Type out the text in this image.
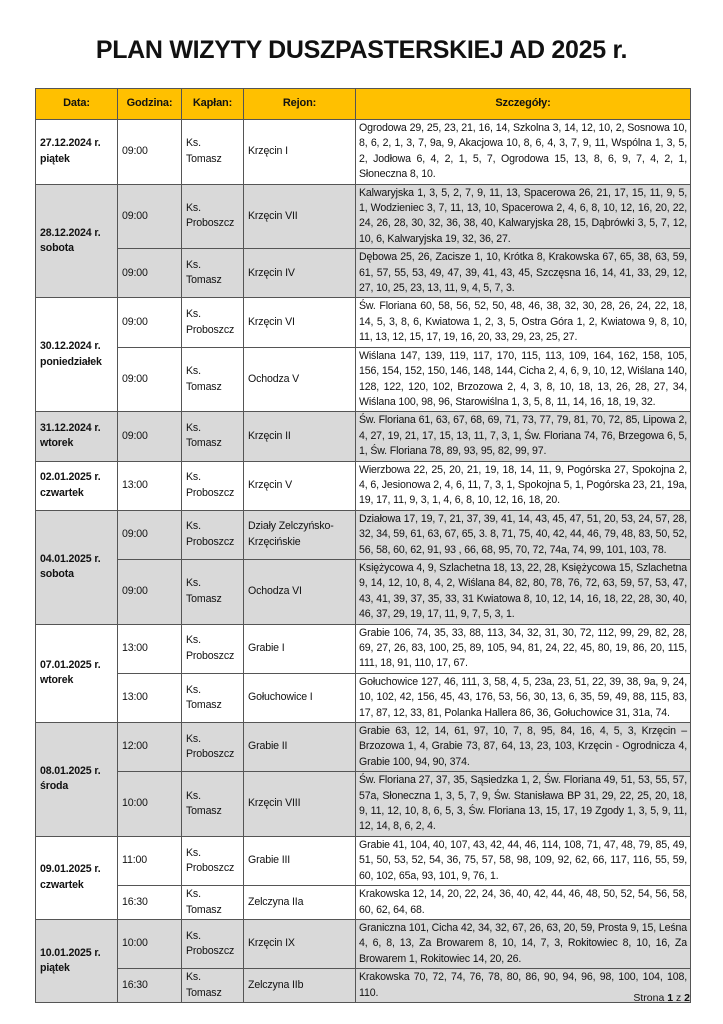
PLAN WIZYTY DUSZPASTERSKIEJ AD 2025 r.
Data:	Godzina:	Kapłan:	Rejon:	Szczegóły:

27.12.2024 r.
piątek	09:00	Ks. Tomasz	Krzęcin I	Ogrodowa 29, 25, 23, 21, 16, 14, Szkolna 3, 14, 12, 10, 2, Sosnowa 10, 8, 6, 2, 1, 3, 7, 9a, 9, Akacjowa 10, 8, 6, 4, 3, 7, 9, 11, Wspólna 1, 3, 5, 2, Jodłowa 6, 4, 2, 1, 5, 7, Ogrodowa 15, 13, 8, 6, 9, 7, 4, 2, 1, Słoneczna 8, 10.

28.12.2024 r.
sobota	09:00	Ks. Proboszcz	Krzęcin VII	Kalwaryjska 1, 3, 5, 2, 7, 9, 11, 13, Spacerowa 26, 21, 17, 15, 11, 9, 5, 1, Wodzieniec 3, 7, 11, 13, 10, Spacerowa 2, 4, 6, 8, 10, 12, 16, 20, 22, 24, 26, 28, 30, 32, 36, 38, 40, Kalwaryjska 28, 15, Dąbrówki 3, 5, 7, 12, 10, 6, Kalwaryjska 19, 32, 36, 27.
	09:00	Ks. Tomasz	Krzęcin IV	Dębowa 25, 26, Zacisze 1, 10, Krótka 8, Krakowska 67, 65, 38, 63, 59, 61, 57, 55, 53, 49, 47, 39, 41, 43, 45, Szczęsna 16, 14, 41, 33, 29, 12, 27, 10, 25, 23, 13, 11, 9, 4, 5, 7, 3.

30.12.2024 r.
poniedziałek	09:00	Ks. Proboszcz	Krzęcin VI	Św. Floriana 60, 58, 56, 52, 50, 48, 46, 38, 32, 30, 28, 26, 24, 22, 18, 14, 5, 3, 8, 6, Kwiatowa 1, 2, 3, 5, Ostra Góra 1, 2, Kwiatowa 9, 8, 10, 11, 13, 12, 15, 17, 19, 16, 20, 33, 29, 23, 25, 27.
	09:00	Ks. Tomasz	Ochodza V	Wiślana 147, 139, 119, 117, 170, 115, 113, 109, 164, 162, 158, 105, 156, 154, 152, 150, 146, 148, 144, Cicha 2, 4, 6, 9, 10, 12, Wiślana 140, 128, 122, 120, 102, Brzozowa 2, 4, 3, 8, 10, 18, 13, 26, 28, 27, 34, Wiślana 100, 98, 96, Starowiślna 1, 3, 5, 8, 11, 14, 16, 18, 19, 32.

31.12.2024 r.
wtorek	09:00	Ks. Tomasz	Krzęcin II	Św. Floriana 61, 63, 67, 68, 69, 71, 73, 77, 79, 81, 70, 72, 85, Lipowa 2, 4, 27, 19, 21, 17, 15, 13, 11, 7, 3, 1, Św. Floriana 74, 76, Brzegowa 6, 5, 1, Św. Floriana 78, 89, 93, 95, 82, 99, 97.

02.01.2025 r.
czwartek	13:00	Ks. Proboszcz	Krzęcin V	Wierzbowa 22, 25, 20, 21, 19, 18, 14, 11, 9, Pogórska 27, Spokojna 2, 4, 6, Jesionowa 2, 4, 6, 11, 7, 3, 1, Spokojna 5, 1, Pogórska 23, 21, 19a, 19, 17, 11, 9, 3, 1, 4, 6, 8, 10, 12, 16, 18, 20.

04.01.2025 r.
sobota	09:00	Ks. Proboszcz	Działy Zelczyńsko-Krzęcińskie	Działowa 17, 19, 7, 21, 37, 39, 41, 14, 43, 45, 47, 51, 20, 53, 24, 57, 28, 32, 34, 59, 61, 63, 67, 65, 3. 8, 71, 75, 40, 42, 44, 46, 79, 48, 83, 50, 52, 56, 58, 60, 62, 91, 93 , 66, 68, 95, 70, 72, 74a, 74, 99, 101, 103, 78.
	09:00	Ks. Tomasz	Ochodza VI	Księżycowa 4, 9, Szlachetna 18, 13, 22, 28, Księżycowa 15, Szlachetna 9, 14, 12, 10, 8, 4, 2, Wiślana 84, 82, 80, 78, 76, 72, 63, 59, 57, 53, 47, 43, 41, 39, 37, 35, 33, 31 Kwiatowa 8, 10, 12, 14, 16, 18, 22, 28, 30, 40, 46, 37, 29, 19, 17, 11, 9, 7, 5, 3, 1.

07.01.2025 r.
wtorek	13:00	Ks. Proboszcz	Grabie I	Grabie 106, 74, 35, 33, 88, 113, 34, 32, 31, 30, 72, 112, 99, 29, 82, 28, 69, 27, 26, 83, 100, 25, 89, 105, 94, 81, 24, 22, 45, 80, 19, 86, 20, 115, 111, 18, 91, 110, 17, 67.
	13:00	Ks. Tomasz	Gołuchowice I	Gołuchowice 127, 46, 111, 3, 58, 4, 5, 23a, 23, 51, 22, 39, 38, 9a, 9, 24, 10, 102, 42, 156, 45, 43, 176, 53, 56, 30, 13, 6, 35, 59, 49, 88, 115, 83, 17, 87, 12, 33, 81, Polanka Hallera 86, 36, Gołuchowice 31, 31a, 74.

08.01.2025 r.
środa	12:00	Ks. Proboszcz	Grabie II	Grabie 63, 12, 14, 61, 97, 10, 7, 8, 95, 84, 16, 4, 5, 3, Krzęcin – Brzozowa 1, 4, Grabie 73, 87, 64, 13, 23, 103, Krzęcin - Ogrodnicza 4, Grabie 100, 94, 90, 374.
	10:00	Ks. Tomasz	Krzęcin VIII	Św. Floriana 27, 37, 35, Sąsiedzka 1, 2, Św. Floriana 49, 51, 53, 55, 57, 57a, Słoneczna 1, 3, 5, 7, 9, Św. Stanisława BP 31, 29, 22, 25, 20, 18, 9, 11, 12, 10, 8, 6, 5, 3, Św. Floriana 13, 15, 17, 19 Zgody 1, 3, 5, 9, 11, 12, 14, 8, 6, 2, 4.

09.01.2025 r.
czwartek	11:00	Ks. Proboszcz	Grabie III	Grabie 41, 104, 40, 107, 43, 42, 44, 46, 114, 108, 71, 47, 48, 79, 85, 49, 51, 50, 53, 52, 54, 36, 75, 57, 58, 98, 109, 92, 62, 66, 117, 116, 55, 59, 60, 102, 65a, 93, 101, 9, 76, 1.
	16:30	Ks. Tomasz	Zelczyna IIa	Krakowska 12, 14, 20, 22, 24, 36, 40, 42, 44, 46, 48, 50, 52, 54, 56, 58, 60, 62, 64, 68.

10.01.2025 r.
piątek	10:00	Ks. Proboszcz	Krzęcin IX	Graniczna 101, Cicha 42, 34, 32, 67, 26, 63, 20, 59, Prosta 9, 15, Leśna 4, 6, 8, 13, Za Browarem 8, 10, 14, 7, 3, Rokitowiec 8, 10, 16, Za Browarem 1, Rokitowiec 14, 20, 26.
	16:30	Ks. Tomasz	Zelczyna IIb	Krakowska 70, 72, 74, 76, 78, 80, 86, 90, 94, 96, 98, 100, 104, 108, 110.	Strona 1 z 2
